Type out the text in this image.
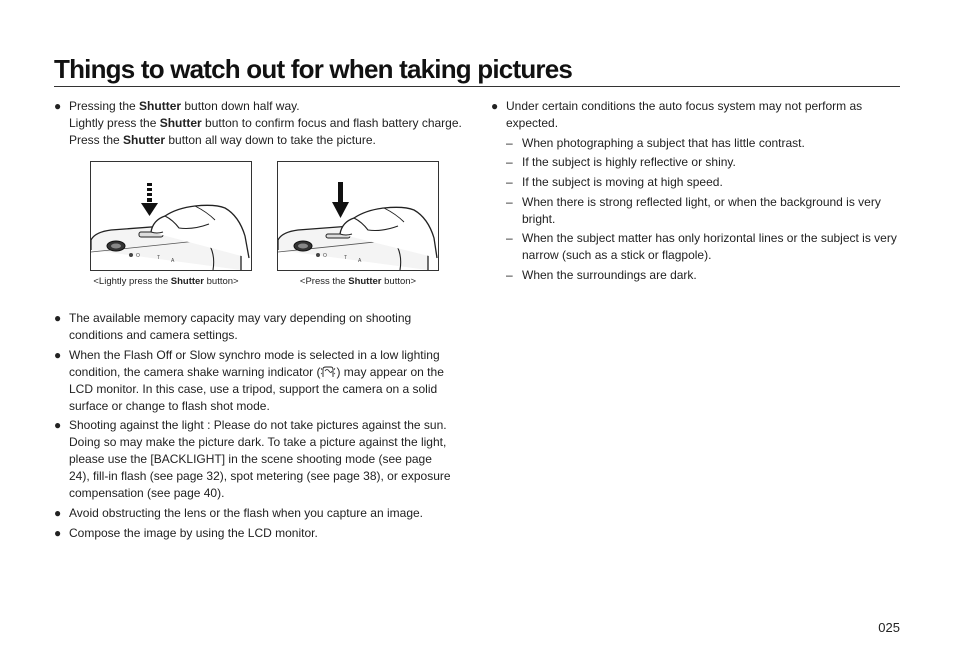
Things to watch out for when taking pictures
● Pressing the Shutter button down half way.
Lightly press the Shutter button to confirm focus and flash battery charge.
Press the Shutter button all way down to take the picture.
O	T A
<Lightly press the Shutter button>
O	T A
<Press the Shutter button>
● The available memory capacity may vary depending on shooting
conditions and camera settings.
● When the Flash Off or Slow synchro mode is selected in a low lighting
condition, the camera shake warning indicator ( ) may appear on the
LCD monitor. In this case, use a tripod, support the camera on a solid
surface or change to flash shot mode.
● Shooting against the light : Please do not take pictures against the sun.
Doing so may make the picture dark. To take a picture against the light,
please use the [BACKLIGHT] in the scene shooting mode (see page
24), fill-in flash (see page 32), spot metering (see page 38), or exposure
compensation (see page 40).
● Avoid obstructing the lens or the flash when you capture an image.
● Compose the image by using the LCD monitor.
● Under certain conditions the auto focus system may not perform as
expected.
– When photographing a subject that has little contrast.
– If the subject is highly reflective or shiny.
– If the subject is moving at high speed.
– When there is strong reflected light, or when the background is very
bright.
– When the subject matter has only horizontal lines or the subject is very
narrow (such as a stick or flagpole).
– When the surroundings are dark.
025
